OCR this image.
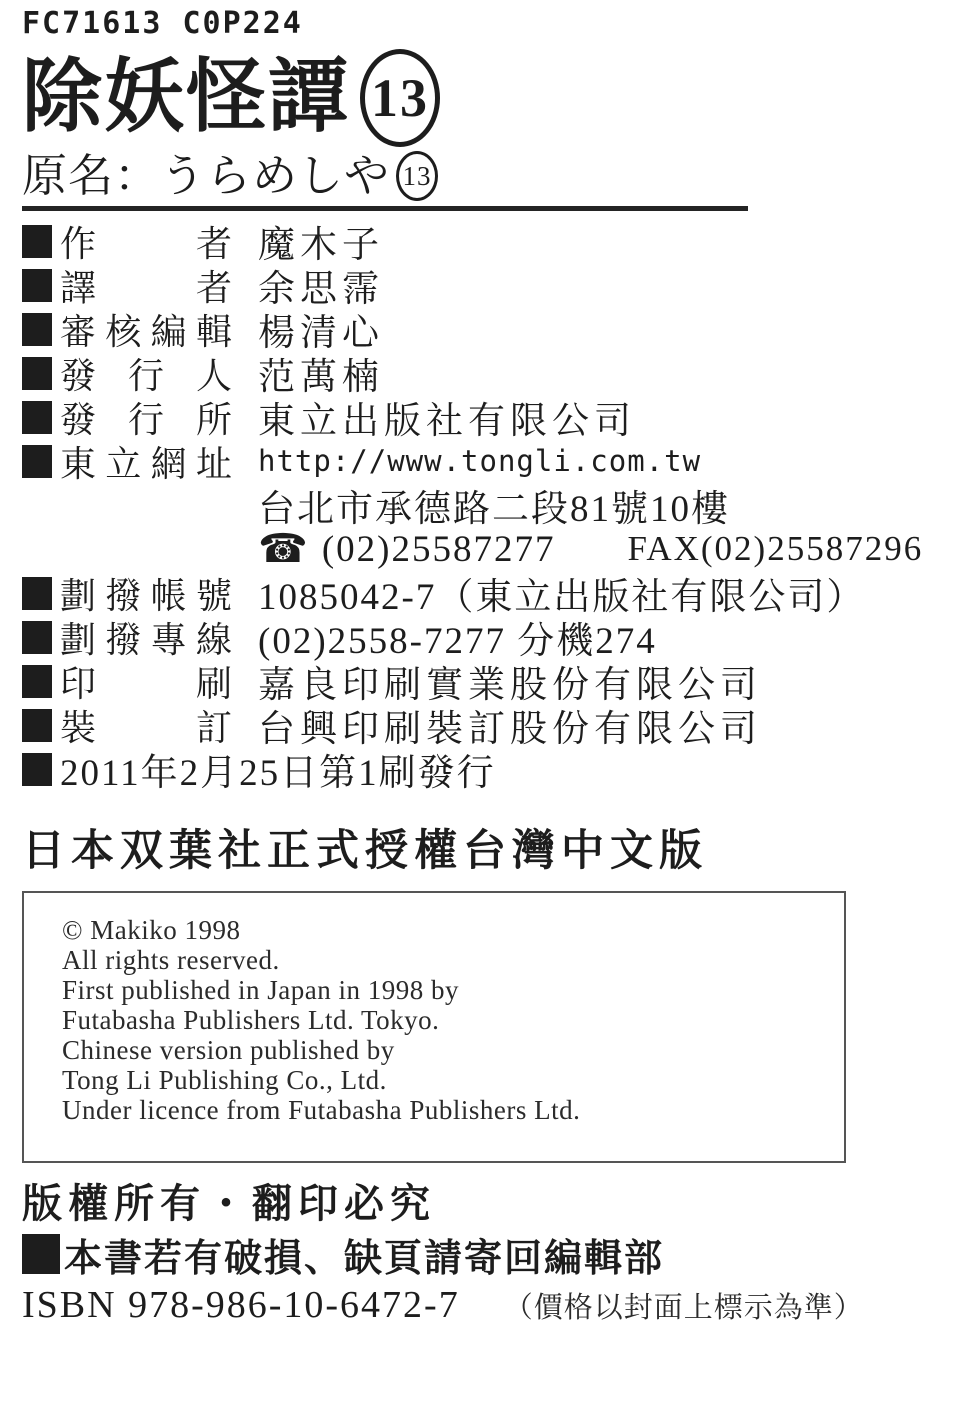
FC71613 C0P224
除妖怪譚 13
原名：うらめしや 13
作者 魔木子
譯者 余思霈
審核編輯 楊清心
發行人 范萬楠
發行所 東立出版社有限公司
東立網址 http://www.tongli.com.tw
台北市承德路二段81號10樓
☎ (02)25587277 FAX(02)25587296
劃撥帳號 1085042-7（東立出版社有限公司）
劃撥專線 (02)2558-7277 分機274
印刷 嘉良印刷實業股份有限公司
裝訂 台興印刷裝訂股份有限公司
2011年2月25日第1刷發行
日本双葉社正式授權台灣中文版
© Makiko 1998
All rights reserved.
First published in Japan in 1998 by
Futabasha Publishers Ltd. Tokyo.
Chinese version published by
Tong Li Publishing Co., Ltd.
Under licence from Futabasha Publishers Ltd.
版權所有・翻印必究
本書若有破損、缺頁請寄回編輯部
ISBN 978-986-10-6472-7 （價格以封面上標示為準）
